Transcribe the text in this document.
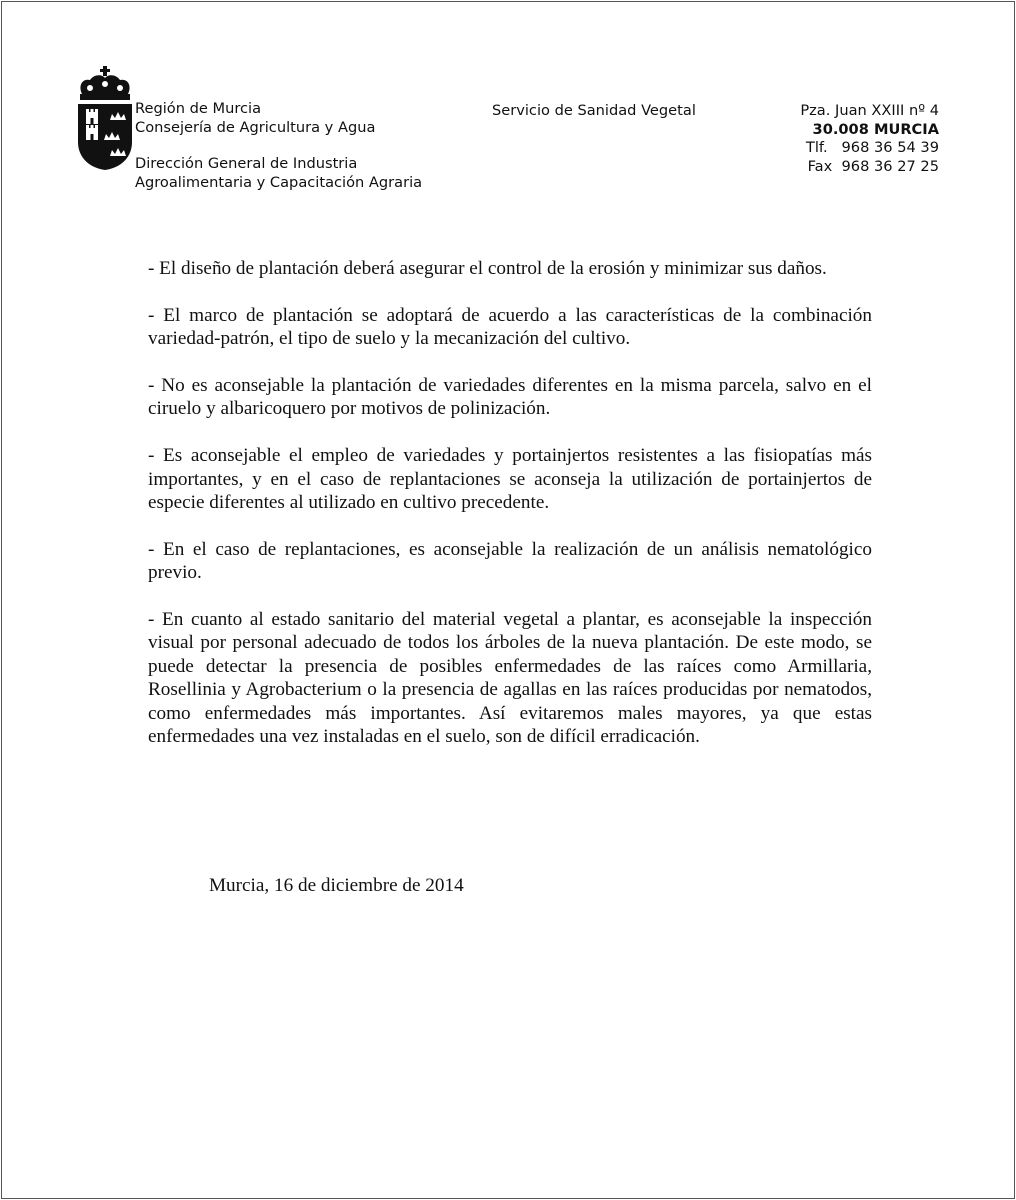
Región de Murcia
Consejería de Agricultura y Agua
Dirección General de Industria
Agroalimentaria y Capacitación Agraria
Servicio de Sanidad Vegetal	Pza. Juan XXIII nº 4
30.008 MURCIA
Tlf.   968 36 54 39
Fax  968 36 27 25

- El diseño de plantación deberá asegurar el control de la erosión y minimizar sus daños.

- El marco de plantación se adoptará de acuerdo a las características de la combinación variedad-patrón, el tipo de suelo y la mecanización del cultivo.

- No es aconsejable la plantación de variedades diferentes en la misma parcela, salvo en el ciruelo y albaricoquero por motivos de polinización.

- Es aconsejable el empleo de variedades y portainjertos resistentes a las fisiopatías más importantes, y en el caso de replantaciones se aconseja la utilización de portainjertos de especie diferentes al utilizado en cultivo precedente.

- En el caso de replantaciones, es aconsejable la realización de un análisis nematológico previo.

- En cuanto al estado sanitario del material vegetal a plantar, es aconsejable la inspección visual por personal adecuado de todos los árboles de la nueva plantación. De este modo, se puede detectar la presencia de posibles enfermedades de las raíces como Armillaria, Rosellinia y Agrobacterium o la presencia de agallas en las raíces producidas por nematodos, como enfermedades más importantes. Así evitaremos males mayores, ya que estas enfermedades una vez instaladas en el suelo, son de difícil erradicación.

Murcia, 16 de diciembre de 2014
